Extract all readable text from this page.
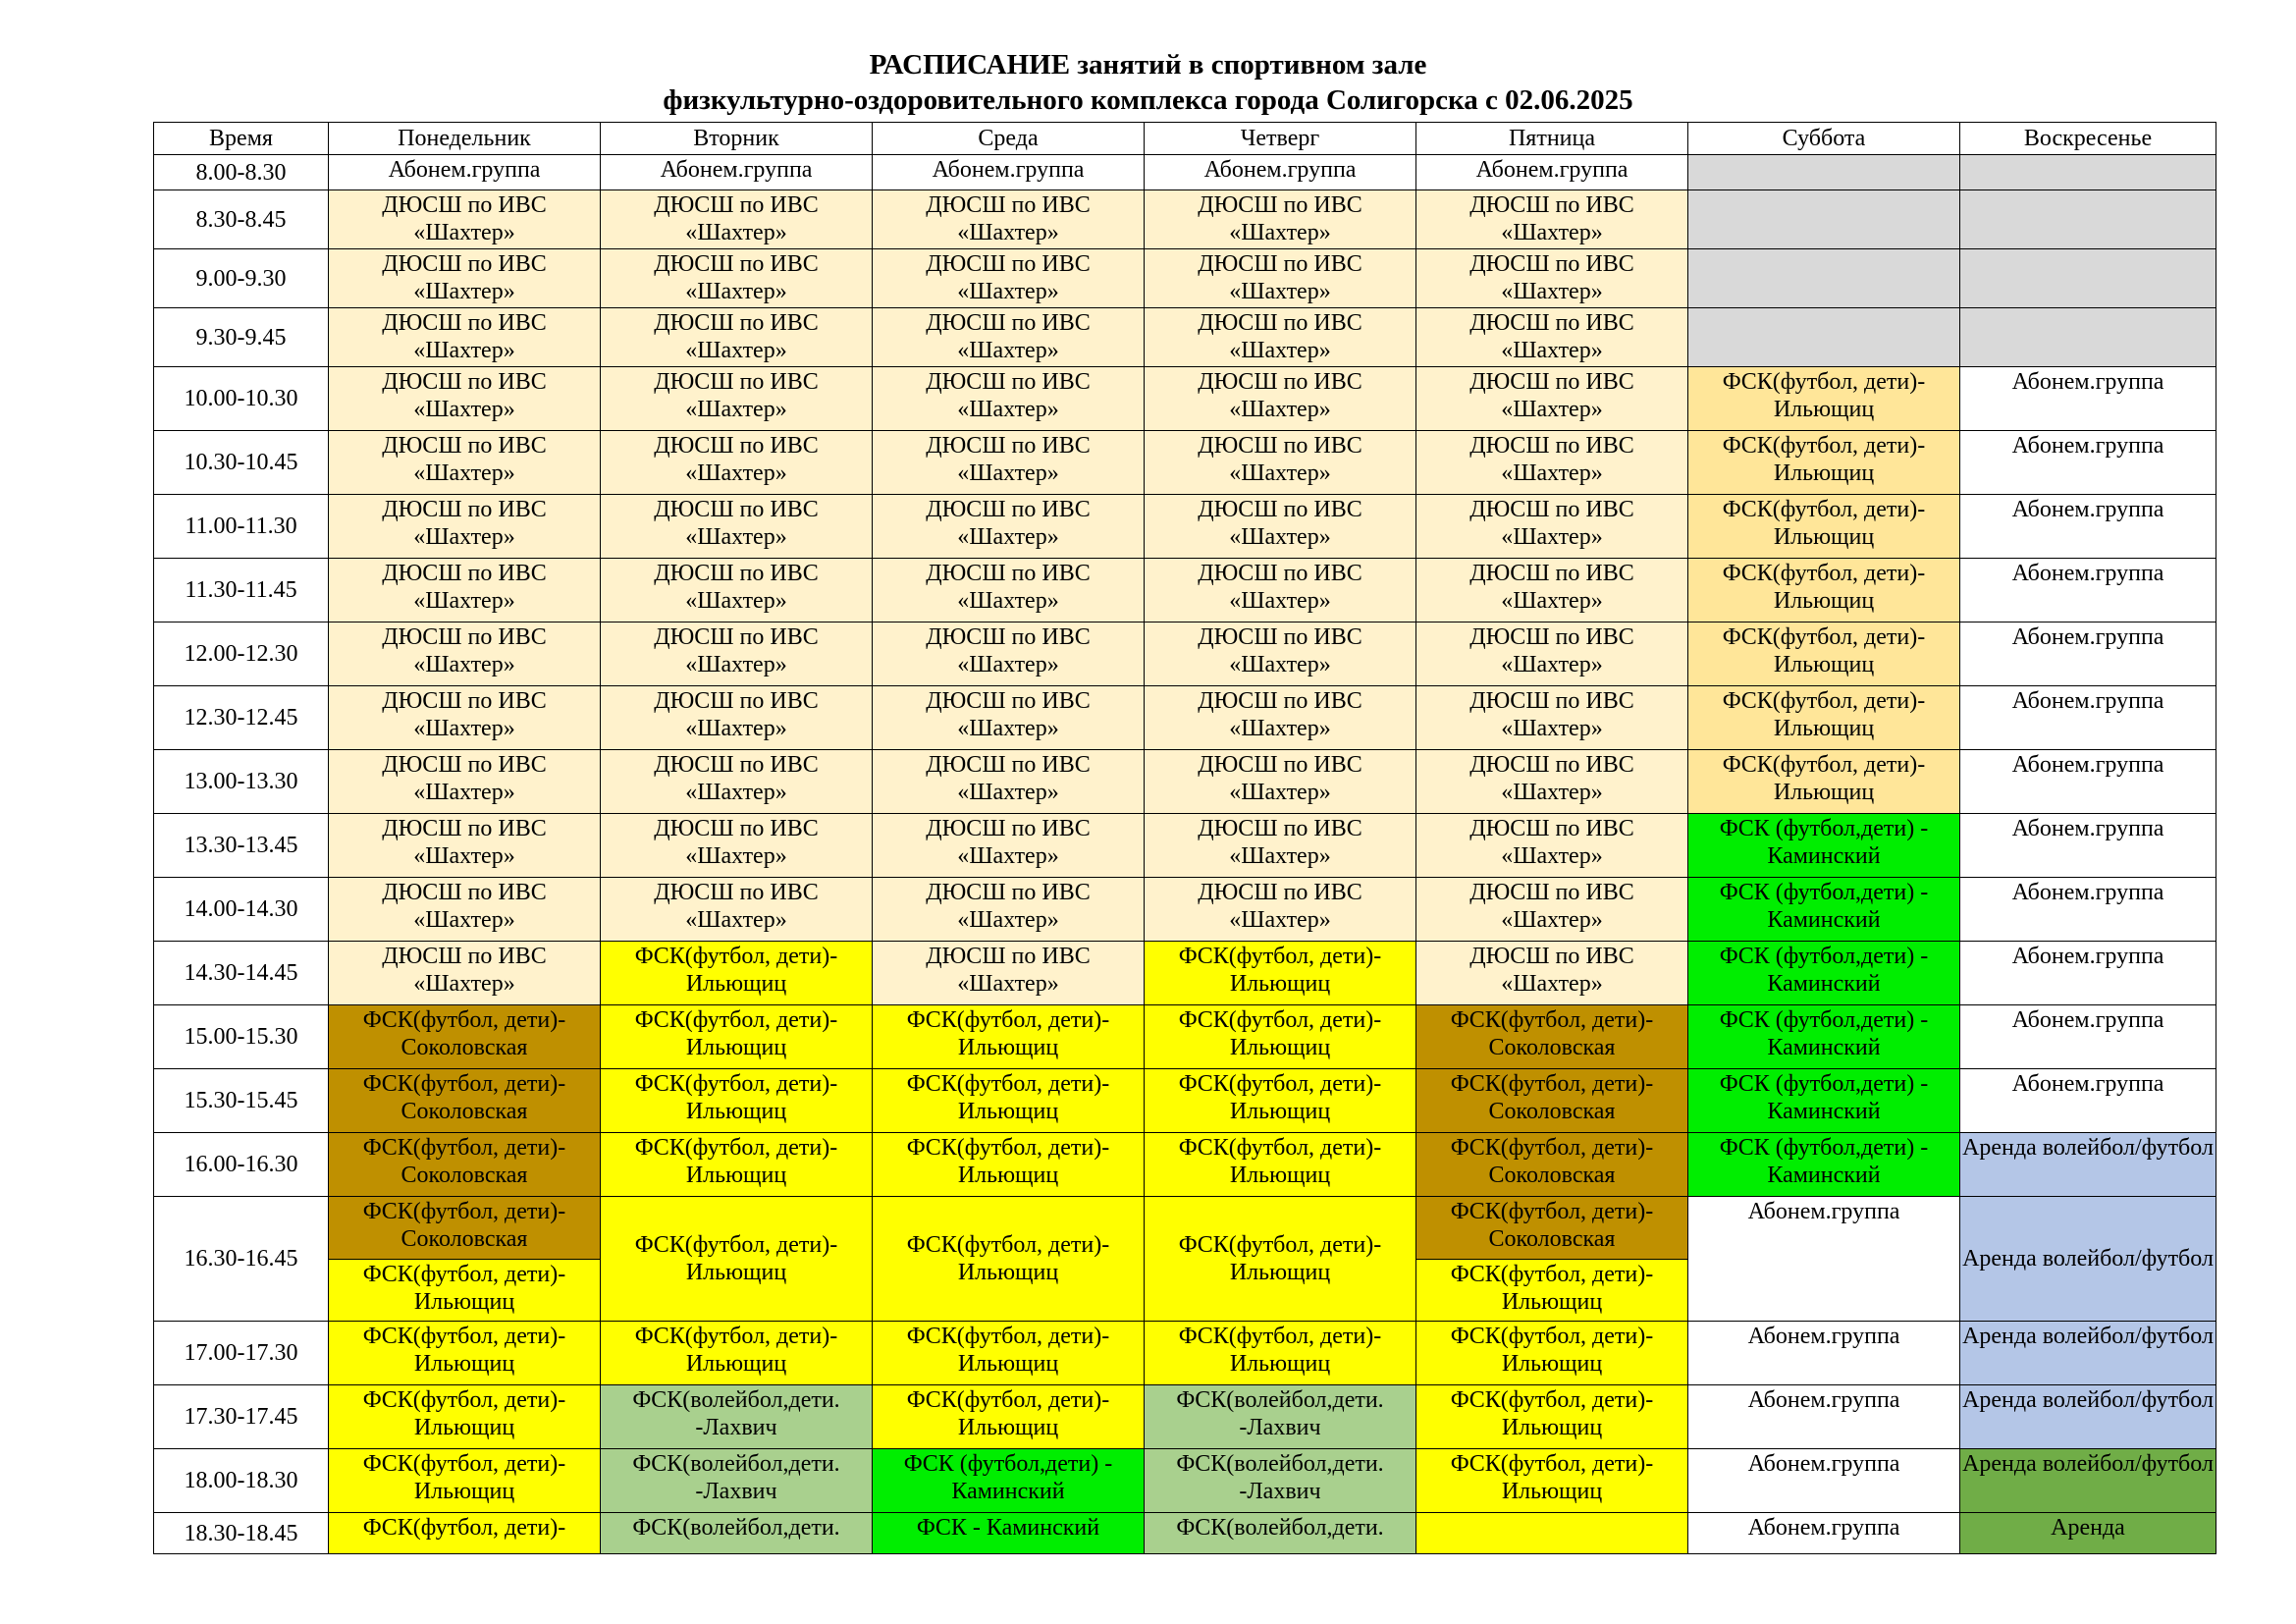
РАСПИСАНИЕ занятий в спортивном зале
физкультурно-оздоровительного комплекса города Солигорска с 02.06.2025
Время	Понедельник	Вторник	Среда	Четверг	Пятница	Суббота	Воскресенье
8.00-8.30	Абонем.группа	Абонем.группа	Абонем.группа	Абонем.группа	Абонем.группа		
8.30-8.45	ДЮСШ по ИВС «Шахтер»	ДЮСШ по ИВС «Шахтер»	ДЮСШ по ИВС «Шахтер»	ДЮСШ по ИВС «Шахтер»	ДЮСШ по ИВС «Шахтер»		
9.00-9.30	ДЮСШ по ИВС «Шахтер»	ДЮСШ по ИВС «Шахтер»	ДЮСШ по ИВС «Шахтер»	ДЮСШ по ИВС «Шахтер»	ДЮСШ по ИВС «Шахтер»		
9.30-9.45	ДЮСШ по ИВС «Шахтер»	ДЮСШ по ИВС «Шахтер»	ДЮСШ по ИВС «Шахтер»	ДЮСШ по ИВС «Шахтер»	ДЮСШ по ИВС «Шахтер»		
10.00-10.30	ДЮСШ по ИВС «Шахтер»	ДЮСШ по ИВС «Шахтер»	ДЮСШ по ИВС «Шахтер»	ДЮСШ по ИВС «Шахтер»	ДЮСШ по ИВС «Шахтер»	ФСК(футбол, дети)-Ильющиц	Абонем.группа
10.30-10.45	ДЮСШ по ИВС «Шахтер»	ДЮСШ по ИВС «Шахтер»	ДЮСШ по ИВС «Шахтер»	ДЮСШ по ИВС «Шахтер»	ДЮСШ по ИВС «Шахтер»	ФСК(футбол, дети)-Ильющиц	Абонем.группа
11.00-11.30	ДЮСШ по ИВС «Шахтер»	ДЮСШ по ИВС «Шахтер»	ДЮСШ по ИВС «Шахтер»	ДЮСШ по ИВС «Шахтер»	ДЮСШ по ИВС «Шахтер»	ФСК(футбол, дети)-Ильющиц	Абонем.группа
11.30-11.45	ДЮСШ по ИВС «Шахтер»	ДЮСШ по ИВС «Шахтер»	ДЮСШ по ИВС «Шахтер»	ДЮСШ по ИВС «Шахтер»	ДЮСШ по ИВС «Шахтер»	ФСК(футбол, дети)-Ильющиц	Абонем.группа
12.00-12.30	ДЮСШ по ИВС «Шахтер»	ДЮСШ по ИВС «Шахтер»	ДЮСШ по ИВС «Шахтер»	ДЮСШ по ИВС «Шахтер»	ДЮСШ по ИВС «Шахтер»	ФСК(футбол, дети)-Ильющиц	Абонем.группа
12.30-12.45	ДЮСШ по ИВС «Шахтер»	ДЮСШ по ИВС «Шахтер»	ДЮСШ по ИВС «Шахтер»	ДЮСШ по ИВС «Шахтер»	ДЮСШ по ИВС «Шахтер»	ФСК(футбол, дети)-Ильющиц	Абонем.группа
13.00-13.30	ДЮСШ по ИВС «Шахтер»	ДЮСШ по ИВС «Шахтер»	ДЮСШ по ИВС «Шахтер»	ДЮСШ по ИВС «Шахтер»	ДЮСШ по ИВС «Шахтер»	ФСК(футбол, дети)-Ильющиц	Абонем.группа
13.30-13.45	ДЮСШ по ИВС «Шахтер»	ДЮСШ по ИВС «Шахтер»	ДЮСШ по ИВС «Шахтер»	ДЮСШ по ИВС «Шахтер»	ДЮСШ по ИВС «Шахтер»	ФСК (футбол,дети) - Каминский	Абонем.группа
14.00-14.30	ДЮСШ по ИВС «Шахтер»	ДЮСШ по ИВС «Шахтер»	ДЮСШ по ИВС «Шахтер»	ДЮСШ по ИВС «Шахтер»	ДЮСШ по ИВС «Шахтер»	ФСК (футбол,дети) - Каминский	Абонем.группа
14.30-14.45	ДЮСШ по ИВС «Шахтер»	ФСК(футбол, дети)-Ильющиц	ДЮСШ по ИВС «Шахтер»	ФСК(футбол, дети)-Ильющиц	ДЮСШ по ИВС «Шахтер»	ФСК (футбол,дети) - Каминский	Абонем.группа
15.00-15.30	ФСК(футбол, дети)-Соколовская	ФСК(футбол, дети)-Ильющиц	ФСК(футбол, дети)-Ильющиц	ФСК(футбол, дети)-Ильющиц	ФСК(футбол, дети)-Соколовская	ФСК (футбол,дети) - Каминский	Абонем.группа
15.30-15.45	ФСК(футбол, дети)-Соколовская	ФСК(футбол, дети)-Ильющиц	ФСК(футбол, дети)-Ильющиц	ФСК(футбол, дети)-Ильющиц	ФСК(футбол, дети)-Соколовская	ФСК (футбол,дети) - Каминский	Абонем.группа
16.00-16.30	ФСК(футбол, дети)-Соколовская	ФСК(футбол, дети)-Ильющиц	ФСК(футбол, дети)-Ильющиц	ФСК(футбол, дети)-Ильющиц	ФСК(футбол, дети)-Соколовская	ФСК (футбол,дети) - Каминский	Аренда волейбол/футбол
16.30-16.45	ФСК(футбол, дети)-Соколовская	ФСК(футбол, дети)-Ильющиц	ФСК(футбол, дети)-Ильющиц	ФСК(футбол, дети)-Ильющиц	ФСК(футбол, дети)-Соколовская	Абонем.группа	Аренда волейбол/футбол
	ФСК(футбол, дети)-Ильющиц				ФСК(футбол, дети)-Ильющиц		
17.00-17.30	ФСК(футбол, дети)-Ильющиц	ФСК(футбол, дети)-Ильющиц	ФСК(футбол, дети)-Ильющиц	ФСК(футбол, дети)-Ильющиц	ФСК(футбол, дети)-Ильющиц	Абонем.группа	Аренда волейбол/футбол
17.30-17.45	ФСК(футбол, дети)-Ильющиц	ФСК(волейбол,дети. -Лахвич	ФСК(футбол, дети)-Ильющиц	ФСК(волейбол,дети. -Лахвич	ФСК(футбол, дети)-Ильющиц	Абонем.группа	Аренда волейбол/футбол
18.00-18.30	ФСК(футбол, дети)-Ильющиц	ФСК(волейбол,дети. -Лахвич	ФСК (футбол,дети) - Каминский	ФСК(волейбол,дети. -Лахвич	ФСК(футбол, дети)-Ильющиц	Абонем.группа	Аренда волейбол/футбол
18.30-18.45	ФСК(футбол, дети)-	ФСК(волейбол,дети.	ФСК - Каминский	ФСК(волейбол,дети.		Абонем.группа	Аренда
